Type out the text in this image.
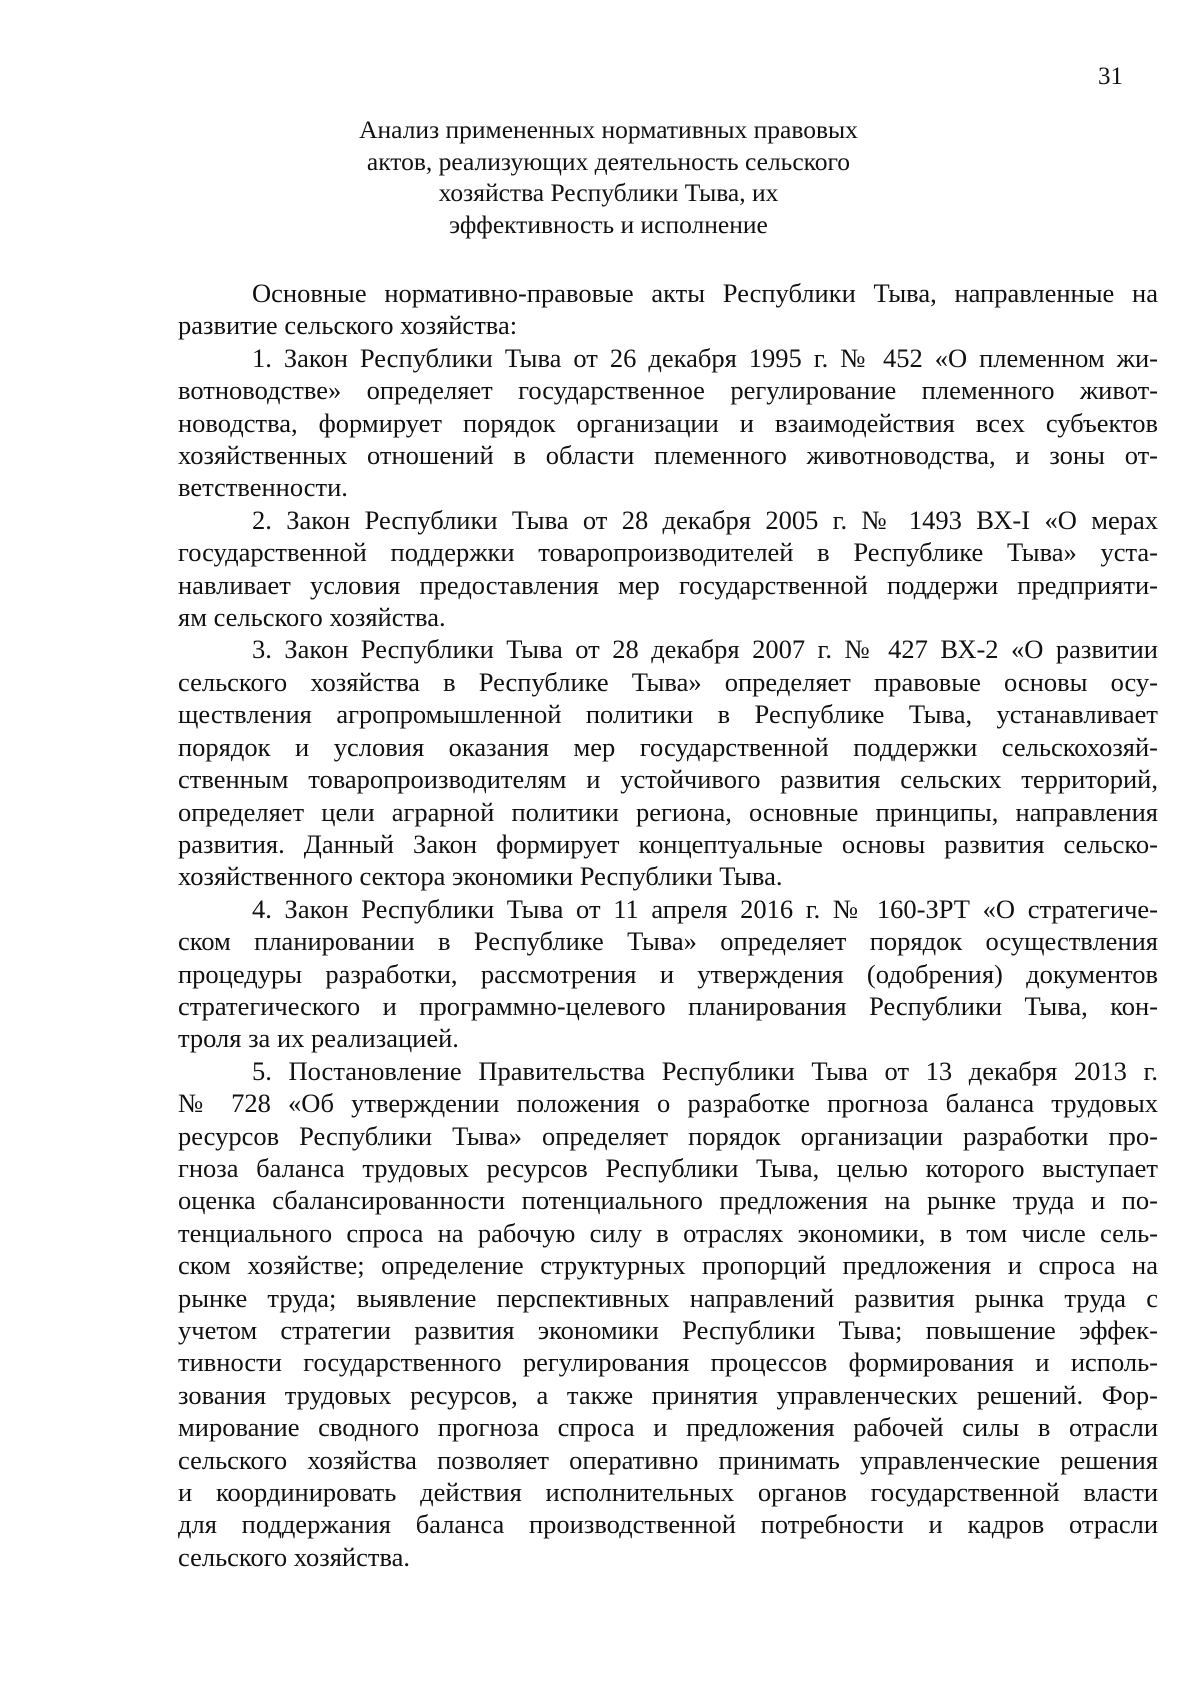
31
Анализ примененных нормативных правовых
актов, реализующих деятельность сельского
хозяйства Республики Тыва, их
эффективность и исполнение

Основные нормативно-правовые акты Республики Тыва, направленные на
развитие сельского хозяйства:

1. Закон Республики Тыва от 26 декабря 1995 г. № 452 «О племенном жи-
вотноводстве» определяет государственное регулирование племенного живот-
новодства, формирует порядок организации и взаимодействия всех субъектов
хозяйственных отношений в области племенного животноводства, и зоны от-
ветственности.

2. Закон Республики Тыва от 28 декабря 2005 г. № 1493 ВХ-I «О мерах
государственной поддержки товаропроизводителей в Республике Тыва» уста-
навливает условия предоставления мер государственной поддержи предприяти-
ям сельского хозяйства.

3. Закон Республики Тыва от 28 декабря 2007 г. № 427 ВХ-2 «О развитии
сельского хозяйства в Республике Тыва» определяет правовые основы осу-
ществления агропромышленной политики в Республике Тыва, устанавливает
порядок и условия оказания мер государственной поддержки сельскохозяй-
ственным товаропроизводителям и устойчивого развития сельских территорий,
определяет цели аграрной политики региона, основные принципы, направления
развития. Данный Закон формирует концептуальные основы развития сельско-
хозяйственного сектора экономики Республики Тыва.

4. Закон Республики Тыва от 11 апреля 2016 г. № 160-ЗРТ «О стратегиче-
ском планировании в Республике Тыва» определяет порядок осуществления
процедуры разработки, рассмотрения и утверждения (одобрения) документов
стратегического и программно-целевого планирования Республики Тыва, кон-
троля за их реализацией.

5. Постановление Правительства Республики Тыва от 13 декабря 2013 г.
№ 728 «Об утверждении положения о разработке прогноза баланса трудовых
ресурсов Республики Тыва» определяет порядок организации разработки про-
гноза баланса трудовых ресурсов Республики Тыва, целью которого выступает
оценка сбалансированности потенциального предложения на рынке труда и по-
тенциального спроса на рабочую силу в отраслях экономики, в том числе сель-
ском хозяйстве; определение структурных пропорций предложения и спроса на
рынке труда; выявление перспективных направлений развития рынка труда с
учетом стратегии развития экономики Республики Тыва; повышение эффек-
тивности государственного регулирования процессов формирования и исполь-
зования трудовых ресурсов, а также принятия управленческих решений. Фор-
мирование сводного прогноза спроса и предложения рабочей силы в отрасли
сельского хозяйства позволяет оперативно принимать управленческие решения
и координировать действия исполнительных органов государственной власти
для поддержания баланса производственной потребности и кадров отрасли
сельского хозяйства.
